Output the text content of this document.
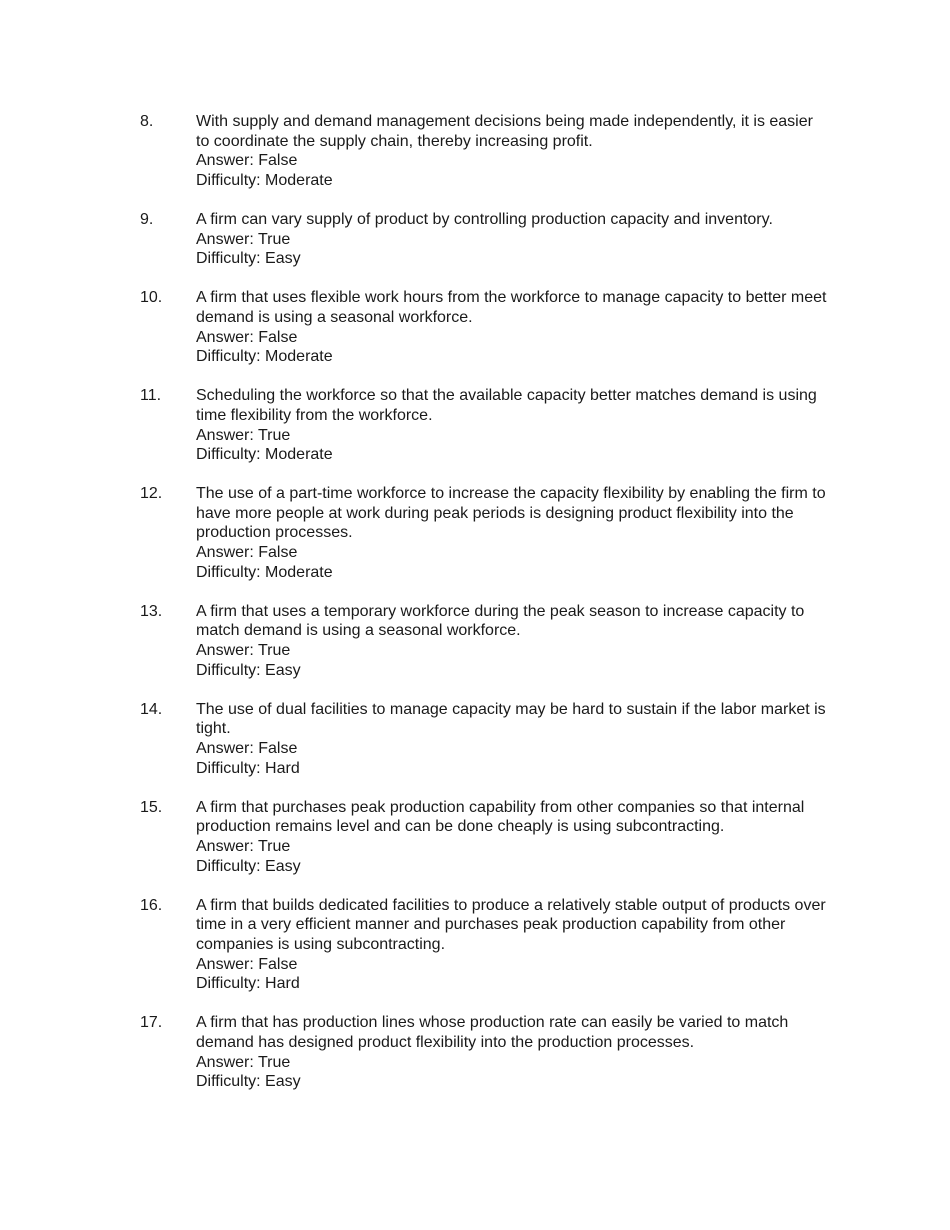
8.	With supply and demand management decisions being made independently, it is easier to coordinate the supply chain, thereby increasing profit.
Answer: False
Difficulty: Moderate
9.	A firm can vary supply of product by controlling production capacity and inventory.
Answer: True
Difficulty: Easy
10.	A firm that uses flexible work hours from the workforce to manage capacity to better meet demand is using a seasonal workforce.
Answer: False
Difficulty: Moderate
11.	Scheduling the workforce so that the available capacity better matches demand is using time flexibility from the workforce.
Answer: True
Difficulty: Moderate
12.	The use of a part-time workforce to increase the capacity flexibility by enabling the firm to have more people at work during peak periods is designing product flexibility into the production processes.
Answer: False
Difficulty: Moderate
13.	A firm that uses a temporary workforce during the peak season to increase capacity to match demand is using a seasonal workforce.
Answer: True
Difficulty: Easy
14.	The use of dual facilities to manage capacity may be hard to sustain if the labor market is tight.
Answer: False
Difficulty: Hard
15.	A firm that purchases peak production capability from other companies so that internal production remains level and can be done cheaply is using subcontracting.
Answer: True
Difficulty: Easy
16.	A firm that builds dedicated facilities to produce a relatively stable output of products over time in a very efficient manner and purchases peak production capability from other companies is using subcontracting.
Answer: False
Difficulty: Hard
17.	A firm that has production lines whose production rate can easily be varied to match demand has designed product flexibility into the production processes.
Answer: True
Difficulty: Easy
